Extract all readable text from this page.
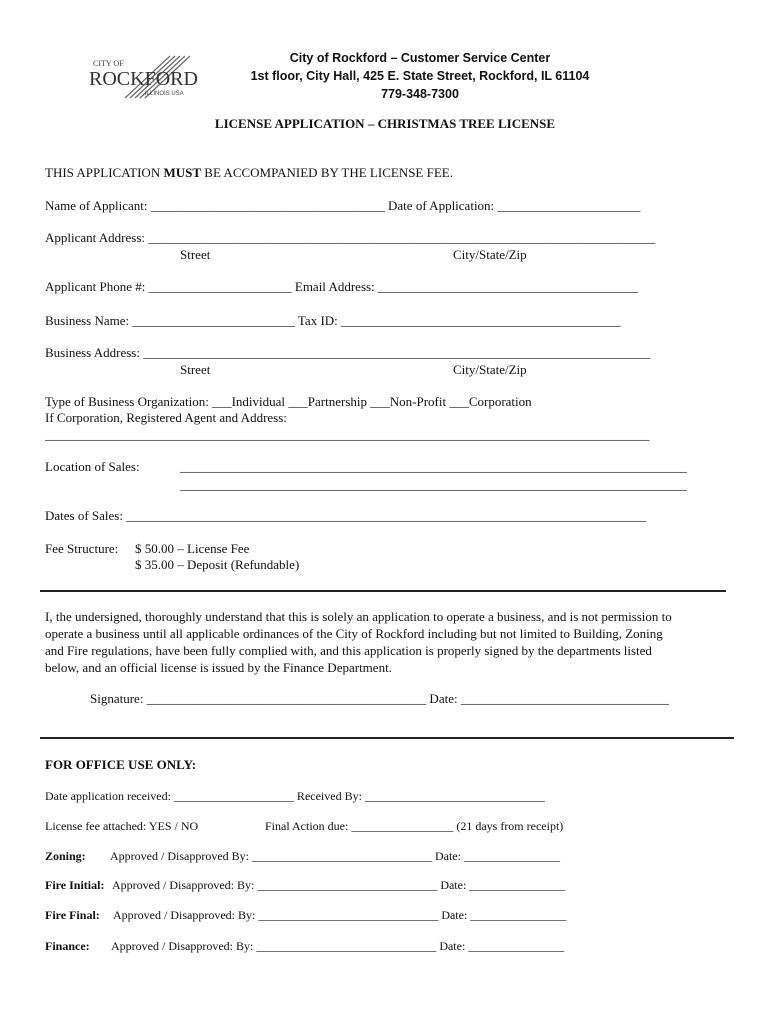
CITY OF
ROCKFORD
ILLINOIS USA
City of Rockford – Customer Service Center
1st floor, City Hall, 425 E. State Street, Rockford, IL 61104
779-348-7300
LICENSE APPLICATION – CHRISTMAS TREE LICENSE
THIS APPLICATION MUST BE ACCOMPANIED BY THE LICENSE FEE.
Name of Applicant: ____________________________________ Date of Application: ______________________
Applicant Address: ______________________________________________________________________________
Street	City/State/Zip
Applicant Phone #: ______________________ Email Address: ________________________________________
Business Name: _________________________ Tax ID: ___________________________________________
Business Address: ______________________________________________________________________________
Street	City/State/Zip
Type of Business Organization: ___Individual ___Partnership ___Non-Profit ___Corporation
If Corporation, Registered Agent and Address:
_____________________________________________________________________________________________
Location of Sales:	______________________________________________________________________________
______________________________________________________________________________
Dates of Sales: ________________________________________________________________________________
Fee Structure: $ 50.00 – License Fee
$ 35.00 – Deposit (Refundable)
I, the undersigned, thoroughly understand that this is solely an application to operate a business, and is not permission to
operate a business until all applicable ordinances of the City of Rockford including but not limited to Building, Zoning
and Fire regulations, have been fully complied with, and this application is properly signed by the departments listed
below, and an official license is issued by the Finance Department.
Signature: ___________________________________________ Date: ________________________________
FOR OFFICE USE ONLY:
Date application received: ____________________ Received By: ______________________________
License fee attached: YES / NO	Final Action due: _________________ (21 days from receipt)
Zoning: Approved / Disapproved By: ______________________________ Date: ________________
Fire Initial: Approved / Disapproved: By: ______________________________ Date: ________________
Fire Final: Approved / Disapproved: By: ______________________________ Date: ________________
Finance: Approved / Disapproved: By: ______________________________ Date: ________________
